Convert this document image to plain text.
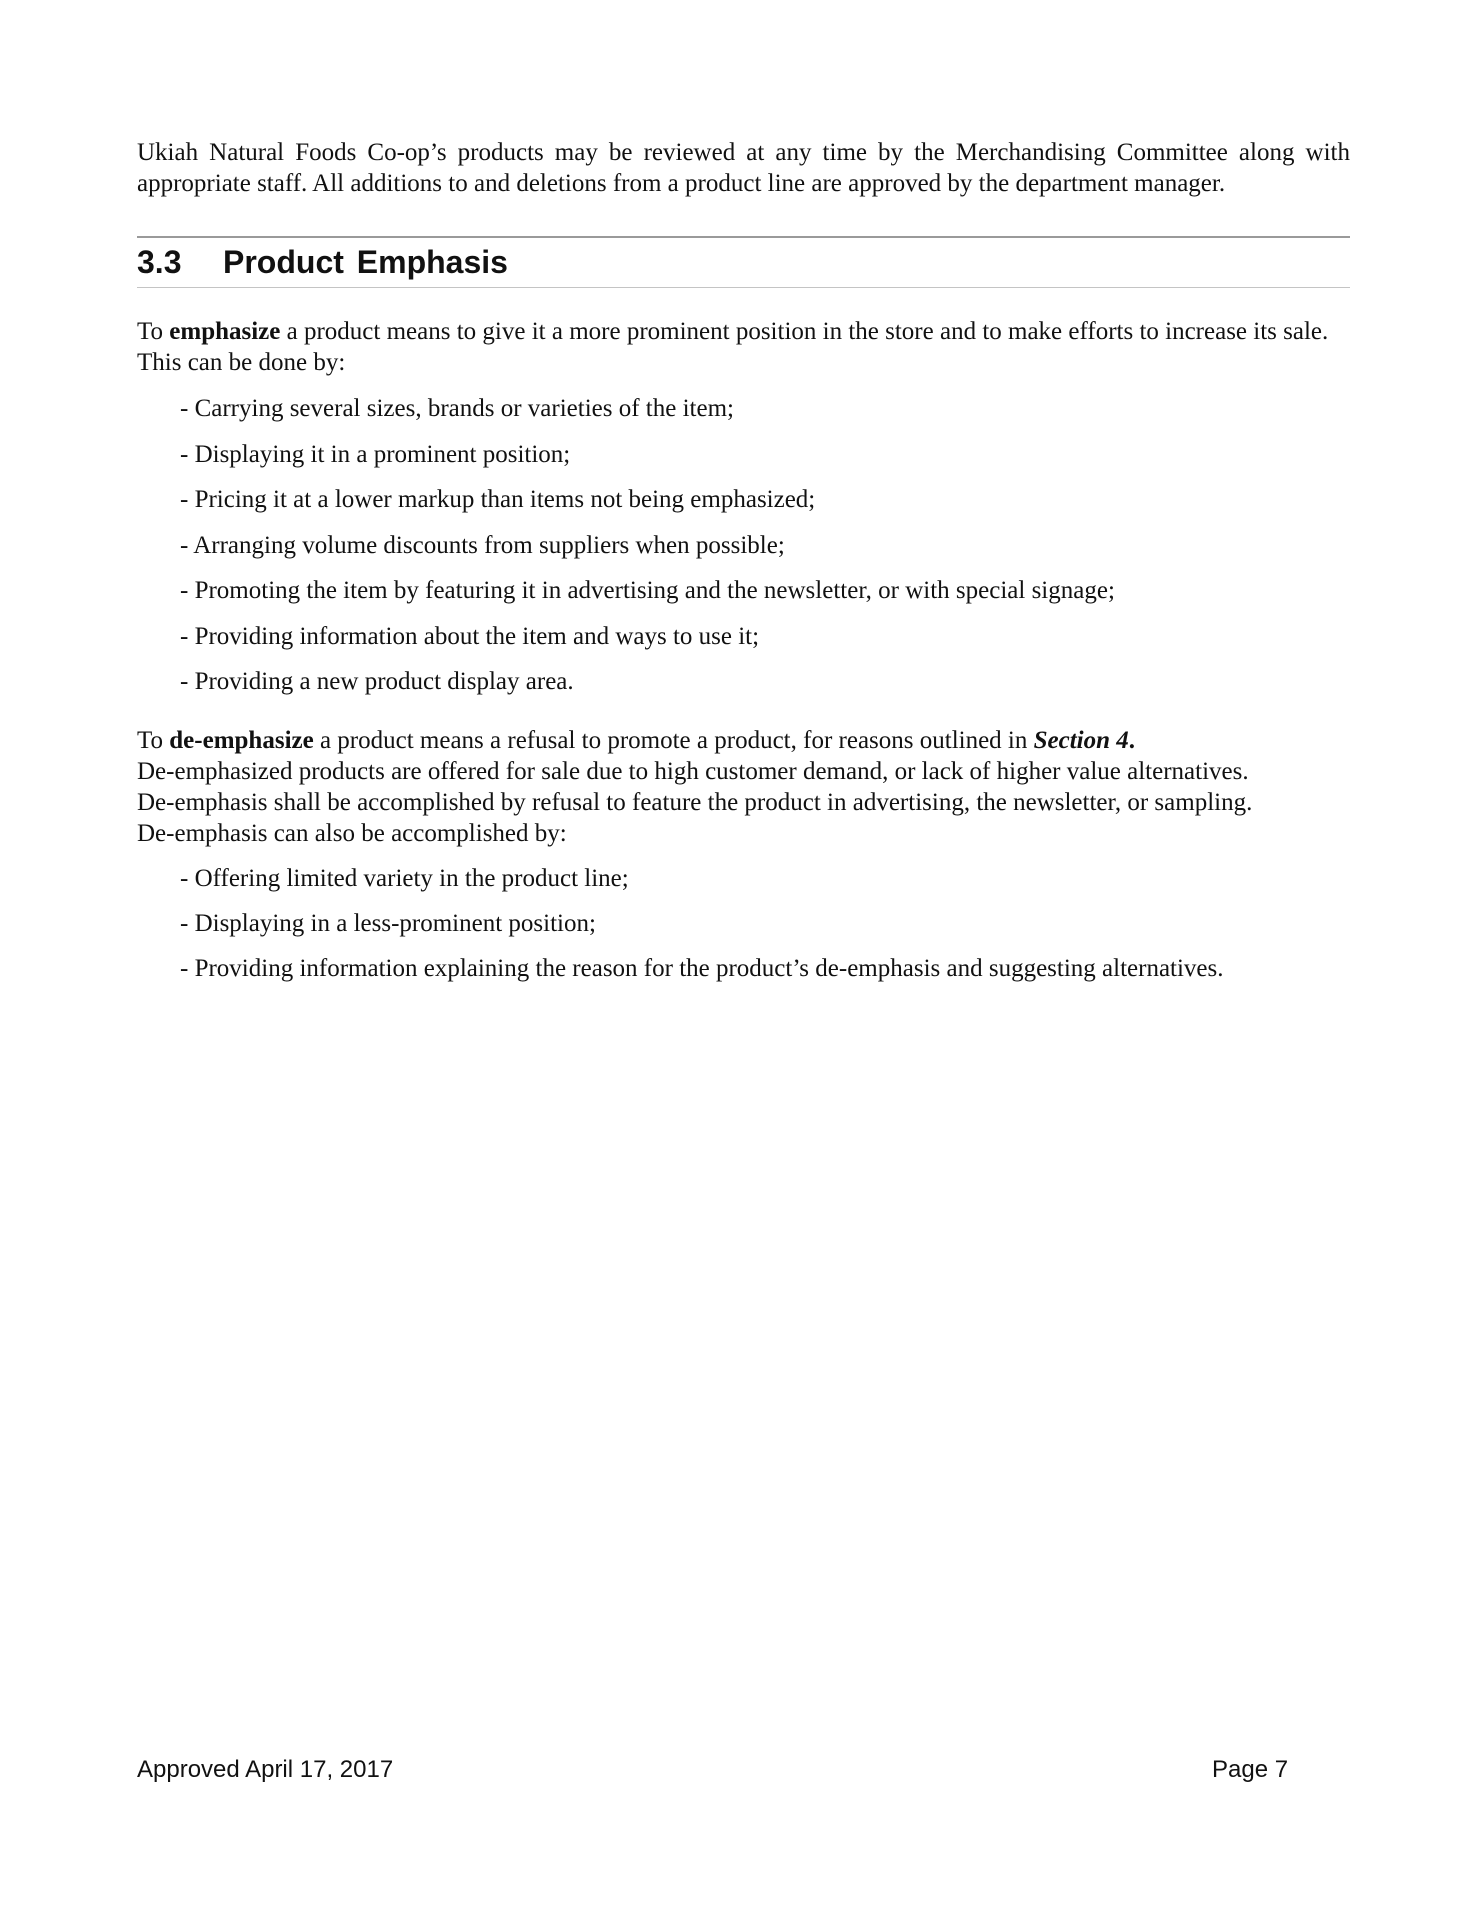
Ukiah Natural Foods Co-op’s products may be reviewed at any time by the Merchandising Committee along with appropriate staff. All additions to and deletions from a product line are approved by the department manager.

3.3 Product Emphasis

To emphasize a product means to give it a more prominent position in the store and to make efforts to increase its sale. This can be done by:

- Carrying several sizes, brands or varieties of the item;
- Displaying it in a prominent position;
- Pricing it at a lower markup than items not being emphasized;
- Arranging volume discounts from suppliers when possible;
- Promoting the item by featuring it in advertising and the newsletter, or with special signage;
- Providing information about the item and ways to use it;
- Providing a new product display area.

To de-emphasize a product means a refusal to promote a product, for reasons outlined in Section 4.
De-emphasized products are offered for sale due to high customer demand, or lack of higher value alternatives.
De-emphasis shall be accomplished by refusal to feature the product in advertising, the newsletter, or sampling.
De-emphasis can also be accomplished by:

- Offering limited variety in the product line;
- Displaying in a less-prominent position;
- Providing information explaining the reason for the product’s de-emphasis and suggesting alternatives.
Approved April 17, 2017	Page 7
